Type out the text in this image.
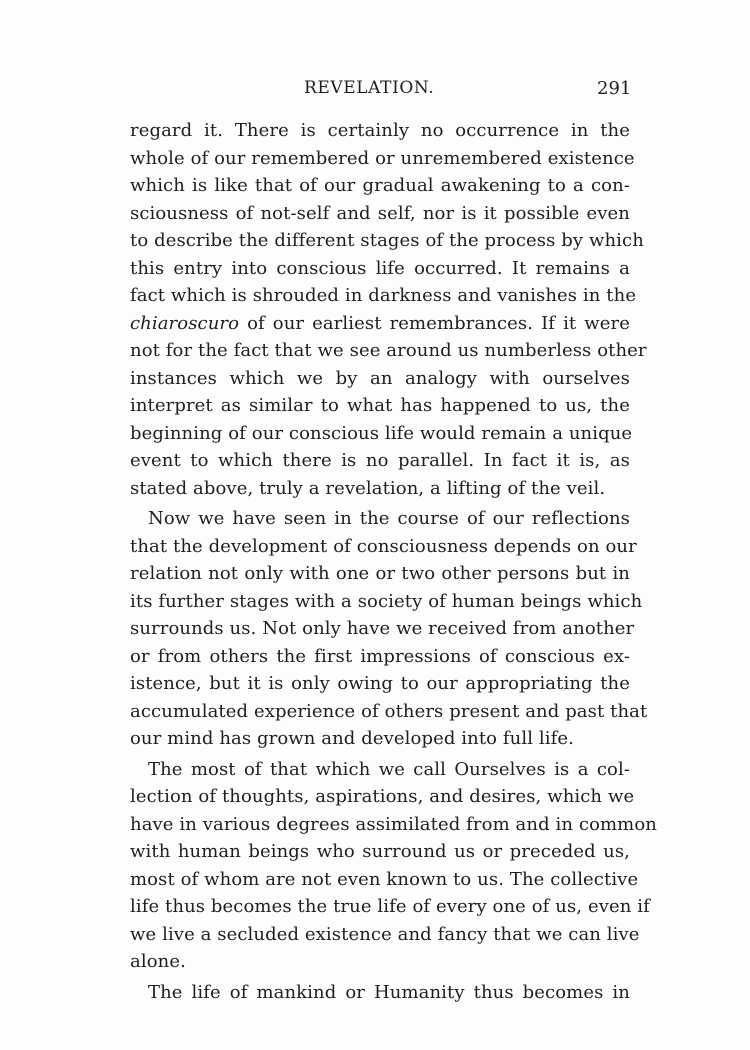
REVELATION.	291
regard it. There is certainly no occurrence in the
whole of our remembered or unremembered existence
which is like that of our gradual awakening to a con-
sciousness of not-self and self, nor is it possible even
to describe the different stages of the process by which
this entry into conscious life occurred. It remains a
fact which is shrouded in darkness and vanishes in the
chiaroscuro of our earliest remembrances. If it were
not for the fact that we see around us numberless other
instances which we by an analogy with ourselves
interpret as similar to what has happened to us, the
beginning of our conscious life would remain a unique
event to which there is no parallel. In fact it is, as
stated above, truly a revelation, a lifting of the veil.
Now we have seen in the course of our reflections
that the development of consciousness depends on our
relation not only with one or two other persons but in
its further stages with a society of human beings which
surrounds us. Not only have we received from another
or from others the first impressions of conscious ex-
istence, but it is only owing to our appropriating the
accumulated experience of others present and past that
our mind has grown and developed into full life.
The most of that which we call Ourselves is a col-
lection of thoughts, aspirations, and desires, which we
have in various degrees assimilated from and in common
with human beings who surround us or preceded us,
most of whom are not even known to us. The collective
life thus becomes the true life of every one of us, even if
we live a secluded existence and fancy that we can live
alone.
The life of mankind or Humanity thus becomes in
